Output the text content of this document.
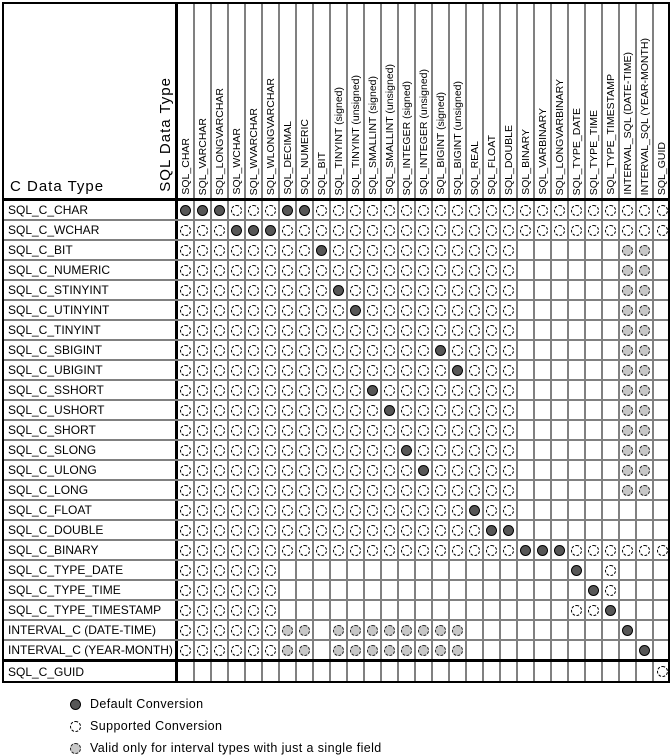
C Data Type	SQL Data Type SQL_CHAR SQL_VARCHAR SQL_LONGVARCHAR SQL_WCHAR SQL_WVARCHAR SQL_WLONGVARCHAR SQL_DECIMAL SQL_NUMERIC SQL_BIT SQL_TINYINT (signed) SQL_TINYINT (unsigned) SQL_SMALLINT (signed) SQL_SMALLINT (unsigned) SQL_INTEGER (signed) SQL_INTEGER (unsigned) SQL_BIGINT (signed) SQL_BIGINT (unsigned) SQL_REAL SQL_FLOAT SQL_DOUBLE SQL_BINARY SQL_VARBINARY SQL_LONGVARBINARY SQL_TYPE_DATE SQL_TYPE_TIME SQL_TYPE_TIMESTAMP INTERVAL_SQL (DATE-TIME) INTERVAL_SQL (YEAR-MONTH) SQL_GUID
SQL_C_CHAR
SQL_C_WCHAR
SQL_C_BIT
SQL_C_NUMERIC
SQL_C_STINYINT
SQL_C_UTINYINT
SQL_C_TINYINT
SQL_C_SBIGINT
SQL_C_UBIGINT
SQL_C_SSHORT
SQL_C_USHORT
SQL_C_SHORT
SQL_C_SLONG
SQL_C_ULONG
SQL_C_LONG
SQL_C_FLOAT
SQL_C_DOUBLE
SQL_C_BINARY
SQL_C_TYPE_DATE
SQL_C_TYPE_TIME
SQL_C_TYPE_TIMESTAMP
INTERVAL_C (DATE-TIME)
INTERVAL_C (YEAR-MONTH)
SQL_C_GUID
Default Conversion
Supported Conversion
Valid only for interval types with just a single field
